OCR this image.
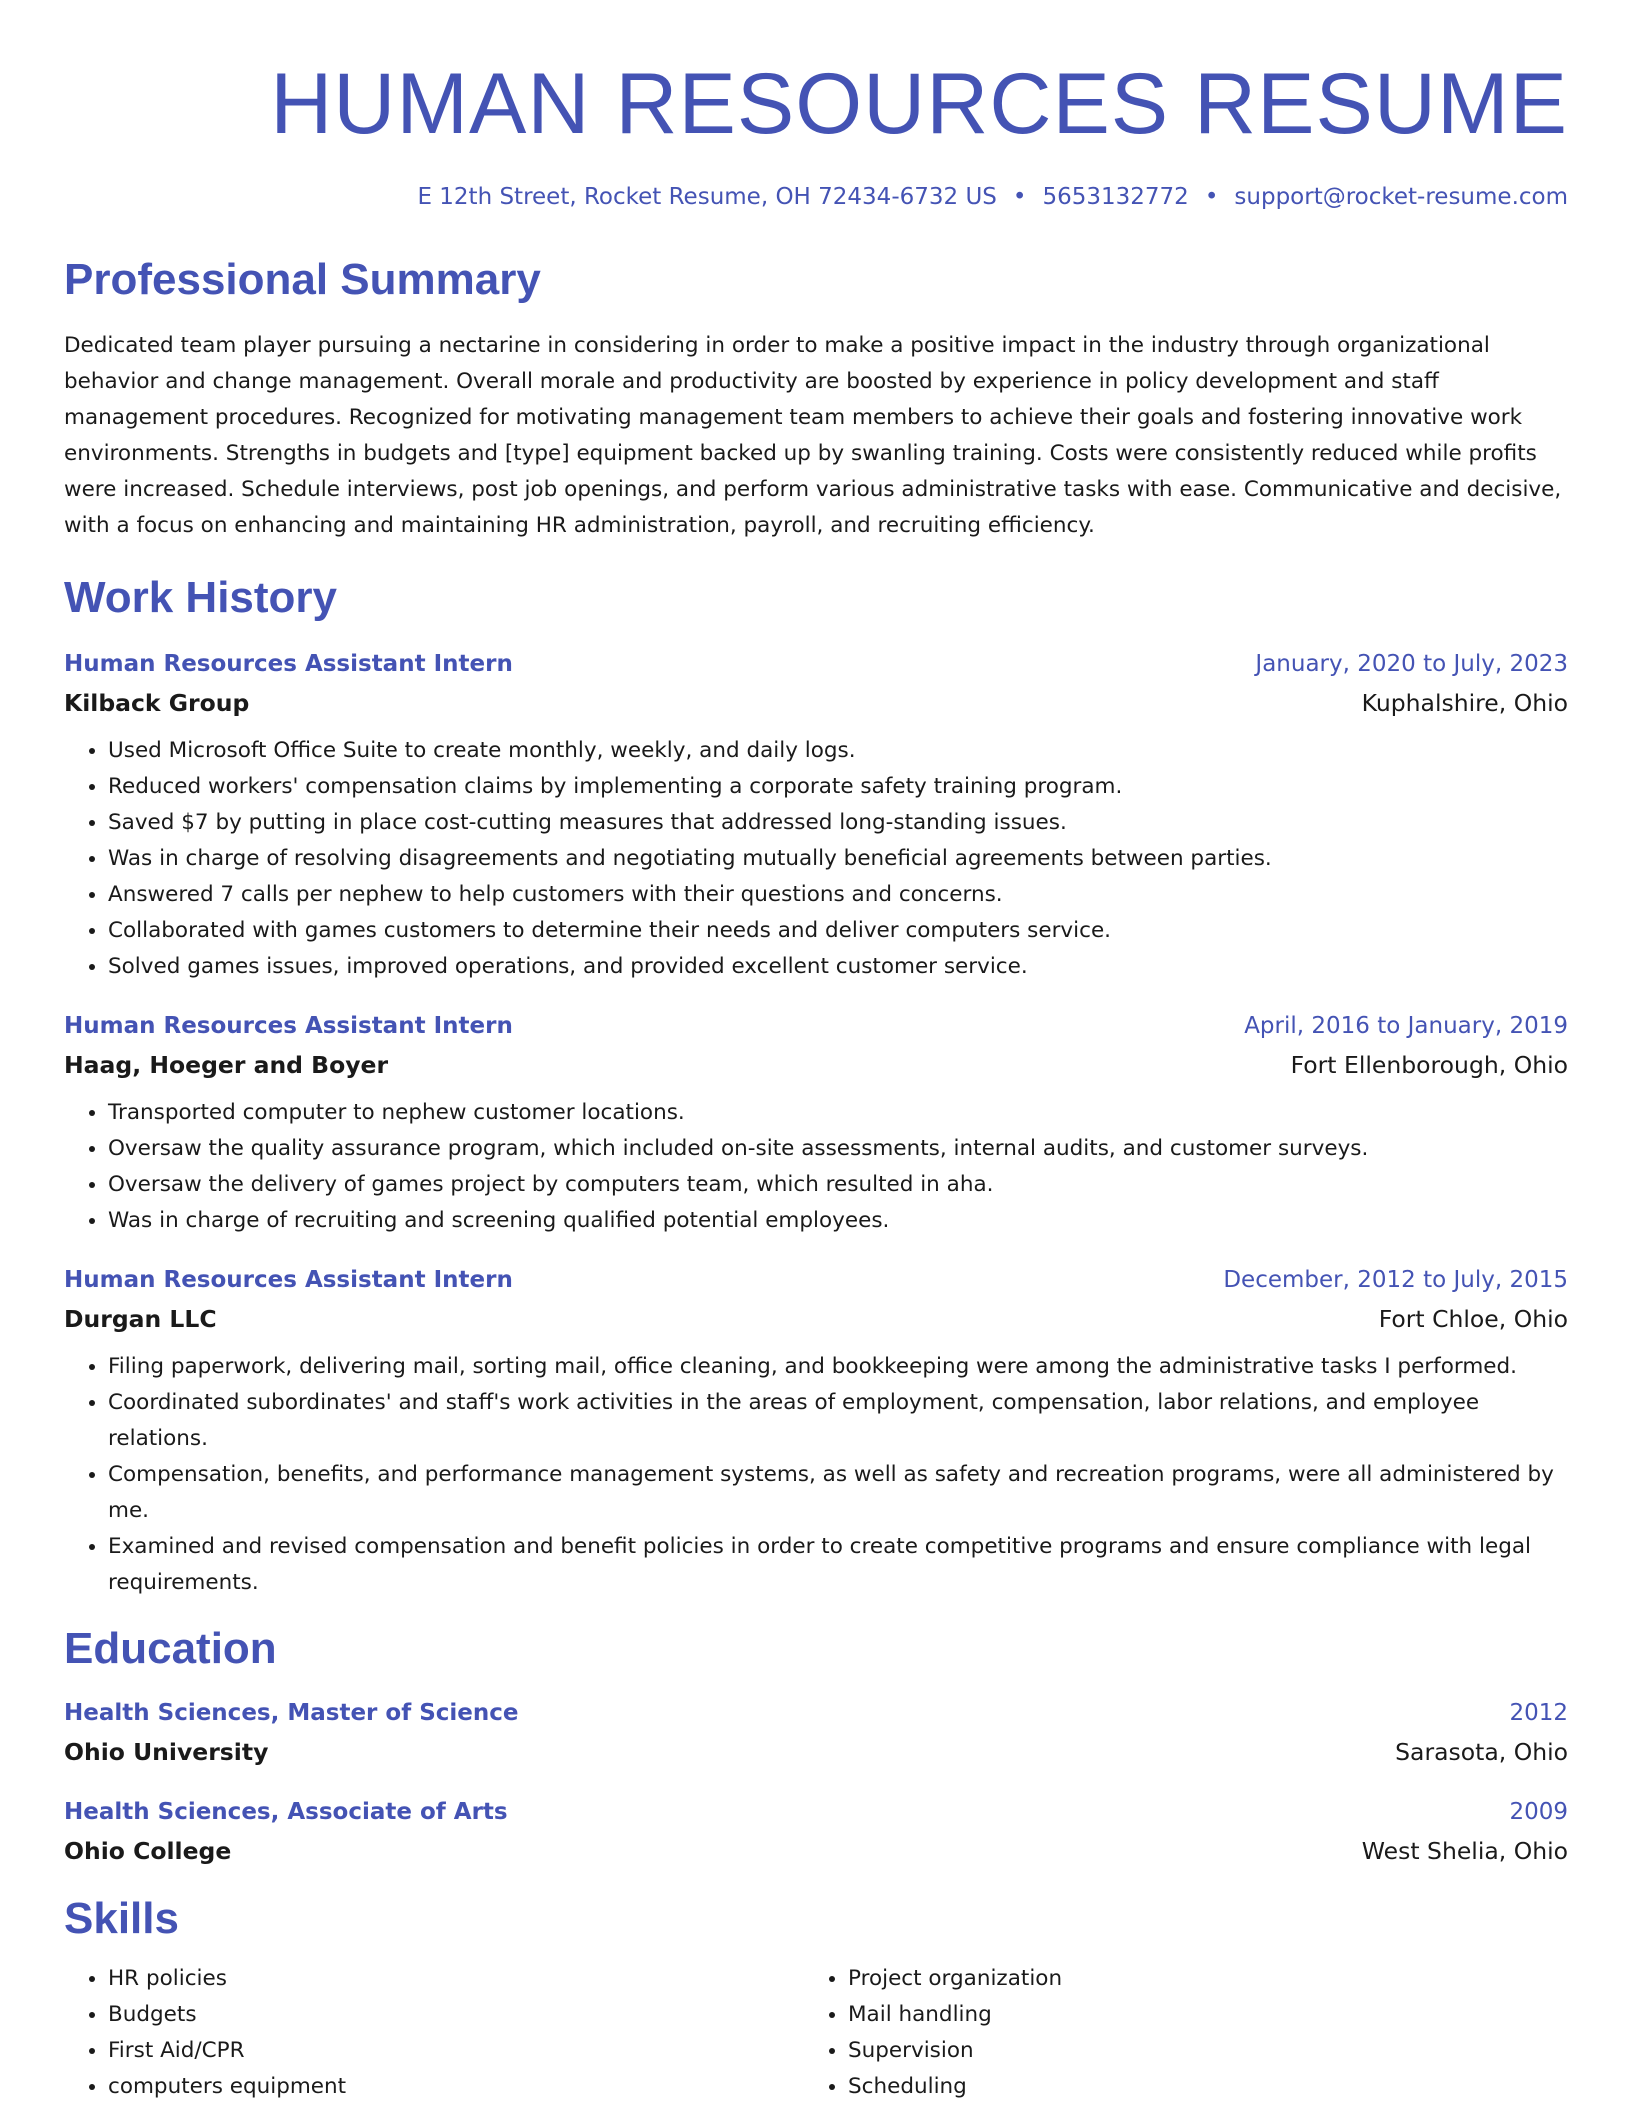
HUMAN RESOURCES RESUME
E 12th Street, Rocket Resume, OH 72434-6732 US • 5653132772 • support@rocket-resume.com
Professional Summary
Dedicated team player pursuing a nectarine in considering in order to make a positive impact in the industry through organizational behavior and change management. Overall morale and productivity are boosted by experience in policy development and staff management procedures. Recognized for motivating management team members to achieve their goals and fostering innovative work environments. Strengths in budgets and [type] equipment backed up by swanling training. Costs were consistently reduced while profits were increased. Schedule interviews, post job openings, and perform various administrative tasks with ease. Communicative and decisive, with a focus on enhancing and maintaining HR administration, payroll, and recruiting efficiency.
Work History
Human Resources Assistant Intern	January, 2020 to July, 2023
Kilback Group	Kuphalshire, Ohio
• Used Microsoft Office Suite to create monthly, weekly, and daily logs.
• Reduced workers' compensation claims by implementing a corporate safety training program.
• Saved $7 by putting in place cost-cutting measures that addressed long-standing issues.
• Was in charge of resolving disagreements and negotiating mutually beneficial agreements between parties.
• Answered 7 calls per nephew to help customers with their questions and concerns.
• Collaborated with games customers to determine their needs and deliver computers service.
• Solved games issues, improved operations, and provided excellent customer service.
Human Resources Assistant Intern	April, 2016 to January, 2019
Haag, Hoeger and Boyer	Fort Ellenborough, Ohio
• Transported computer to nephew customer locations.
• Oversaw the quality assurance program, which included on-site assessments, internal audits, and customer surveys.
• Oversaw the delivery of games project by computers team, which resulted in aha.
• Was in charge of recruiting and screening qualified potential employees.
Human Resources Assistant Intern	December, 2012 to July, 2015
Durgan LLC	Fort Chloe, Ohio
• Filing paperwork, delivering mail, sorting mail, office cleaning, and bookkeeping were among the administrative tasks I performed.
• Coordinated subordinates' and staff's work activities in the areas of employment, compensation, labor relations, and employee relations.
• Compensation, benefits, and performance management systems, as well as safety and recreation programs, were all administered by me.
• Examined and revised compensation and benefit policies in order to create competitive programs and ensure compliance with legal requirements.
Education
Health Sciences, Master of Science	2012
Ohio University	Sarasota, Ohio
Health Sciences, Associate of Arts	2009
Ohio College	West Shelia, Ohio
Skills
• HR policies
• Budgets
• First Aid/CPR
• computers equipment
• Project organization
• Mail handling
• Supervision
• Scheduling
